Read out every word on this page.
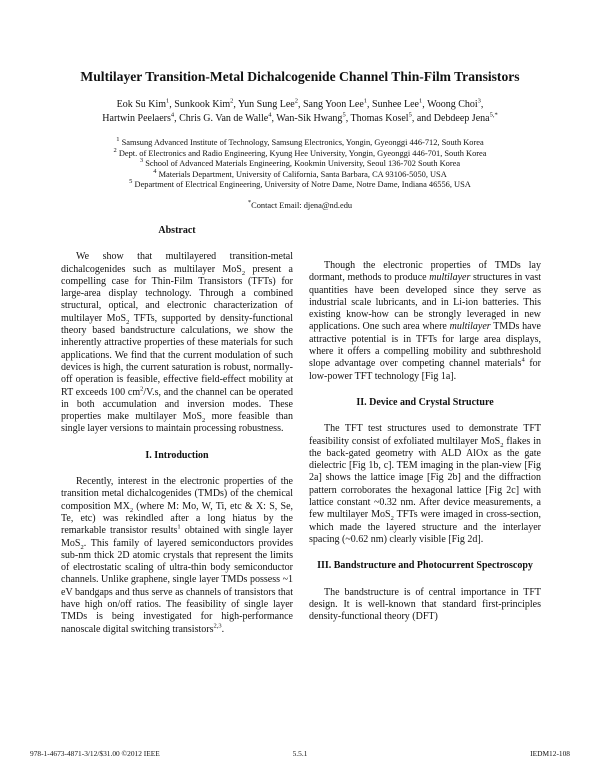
Multilayer Transition-Metal Dichalcogenide Channel Thin-Film Transistors
Eok Su Kim$^1$, Sunkook Kim$^2$, Yun Sung Lee$^2$, Sang Yoon Lee$^1$, Sunhee Lee$^1$, Woong Choi$^3$,
Hartwin Peelaers$^4$, Chris G. Van de Walle$^4$, Wan-Sik Hwang$^5$, Thomas Kosel$^5$, and Debdeep Jena$^{5,*}$
$^1$ Samsung Advanced Institute of Technology, Samsung Electronics, Yongin, Gyeonggi 446-712, South Korea
$^2$ Dept. of Electronics and Radio Engineering, Kyung Hee University, Yongin, Gyeonggi 446-701, South Korea
$^3$ School of Advanced Materials Engineering, Kookmin University, Seoul 136-702 South Korea
$^4$ Materials Department, University of California, Santa Barbara, CA 93106-5050, USA
$^5$ Department of Electrical Engineering, University of Notre Dame, Notre Dame, Indiana 46556, USA
*Contact Email: djena@nd.edu
Abstract

We show that multilayered transition-metal dichalcogenides such as multilayer MoS$_2$ present a compelling case for Thin-Film Transistors (TFTs) for large-area display technology. Through a combined structural, optical, and electronic characterization of multilayer MoS$_2$ TFTs, supported by density-functional theory based bandstructure calculations, we show the inherently attractive properties of these materials for such applications. We find that the current modulation of such devices is high, the current saturation is robust, normally-off operation is feasible, effective field-effect mobility at RT exceeds 100 $cm^2/V.s$, and the channel can be operated in both accumulation and inversion modes. These properties make multilayer MoS$_2$ more feasible than single layer versions to maintain processing robustness.

I. Introduction

Recently, interest in the electronic properties of the transition metal dichalcogenides (TMDs) of the chemical composition $MX_2$ (where M: Mo, W, Ti, etc & X: S, Se, Te, etc) was rekindled after a long hiatus by the remarkable transistor results$^1$ obtained with single layer MoS$_2$. This family of layered semiconductors provides sub-nm thick 2D atomic crystals that represent the limits of electrostatic scaling of ultra-thin body semiconductor channels. Unlike graphene, single layer TMDs possess ~1 eV bandgaps and thus serve as channels of transistors that have high on/off ratios. The feasibility of single layer TMDs is being investigated for high-performance nanoscale digital switching transistors$^{2,3}$.

Though the electronic properties of TMDs lay dormant, methods to produce multilayer structures in vast quantities have been developed since they serve as industrial scale lubricants, and in Li-ion batteries. This existing know-how can be strongly leveraged in new applications. One such area where multilayer TMDs have attractive potential is in TFTs for large area displays, where it offers a compelling mobility and subthreshold slope advantage over competing channel materials$^4$ for low-power TFT technology [Fig 1a].

II. Device and Crystal Structure

The TFT test structures used to demonstrate TFT feasibility consist of exfoliated multilayer MoS$_2$ flakes in the back-gated geometry with ALD AlOx as the gate dielectric [Fig 1b, c]. TEM imaging in the plan-view [Fig 2a] shows the lattice image [Fig 2b] and the diffraction pattern corroborates the hexagonal lattice [Fig 2c] with lattice constant ~0.32 nm. After device measurements, a few multilayer MoS$_2$ TFTs were imaged in cross-section, which made the layered structure and the interlayer spacing (~0.62 nm) clearly visible [Fig 2d].

III. Bandstructure and Photocurrent Spectroscopy

The bandstructure is of central importance in TFT design. It is well-known that standard first-principles density-functional theory (DFT)

978-1-4673-4871-3/12/$31.00 ©2012 IEEE	5.5.1	IEDM12-108
